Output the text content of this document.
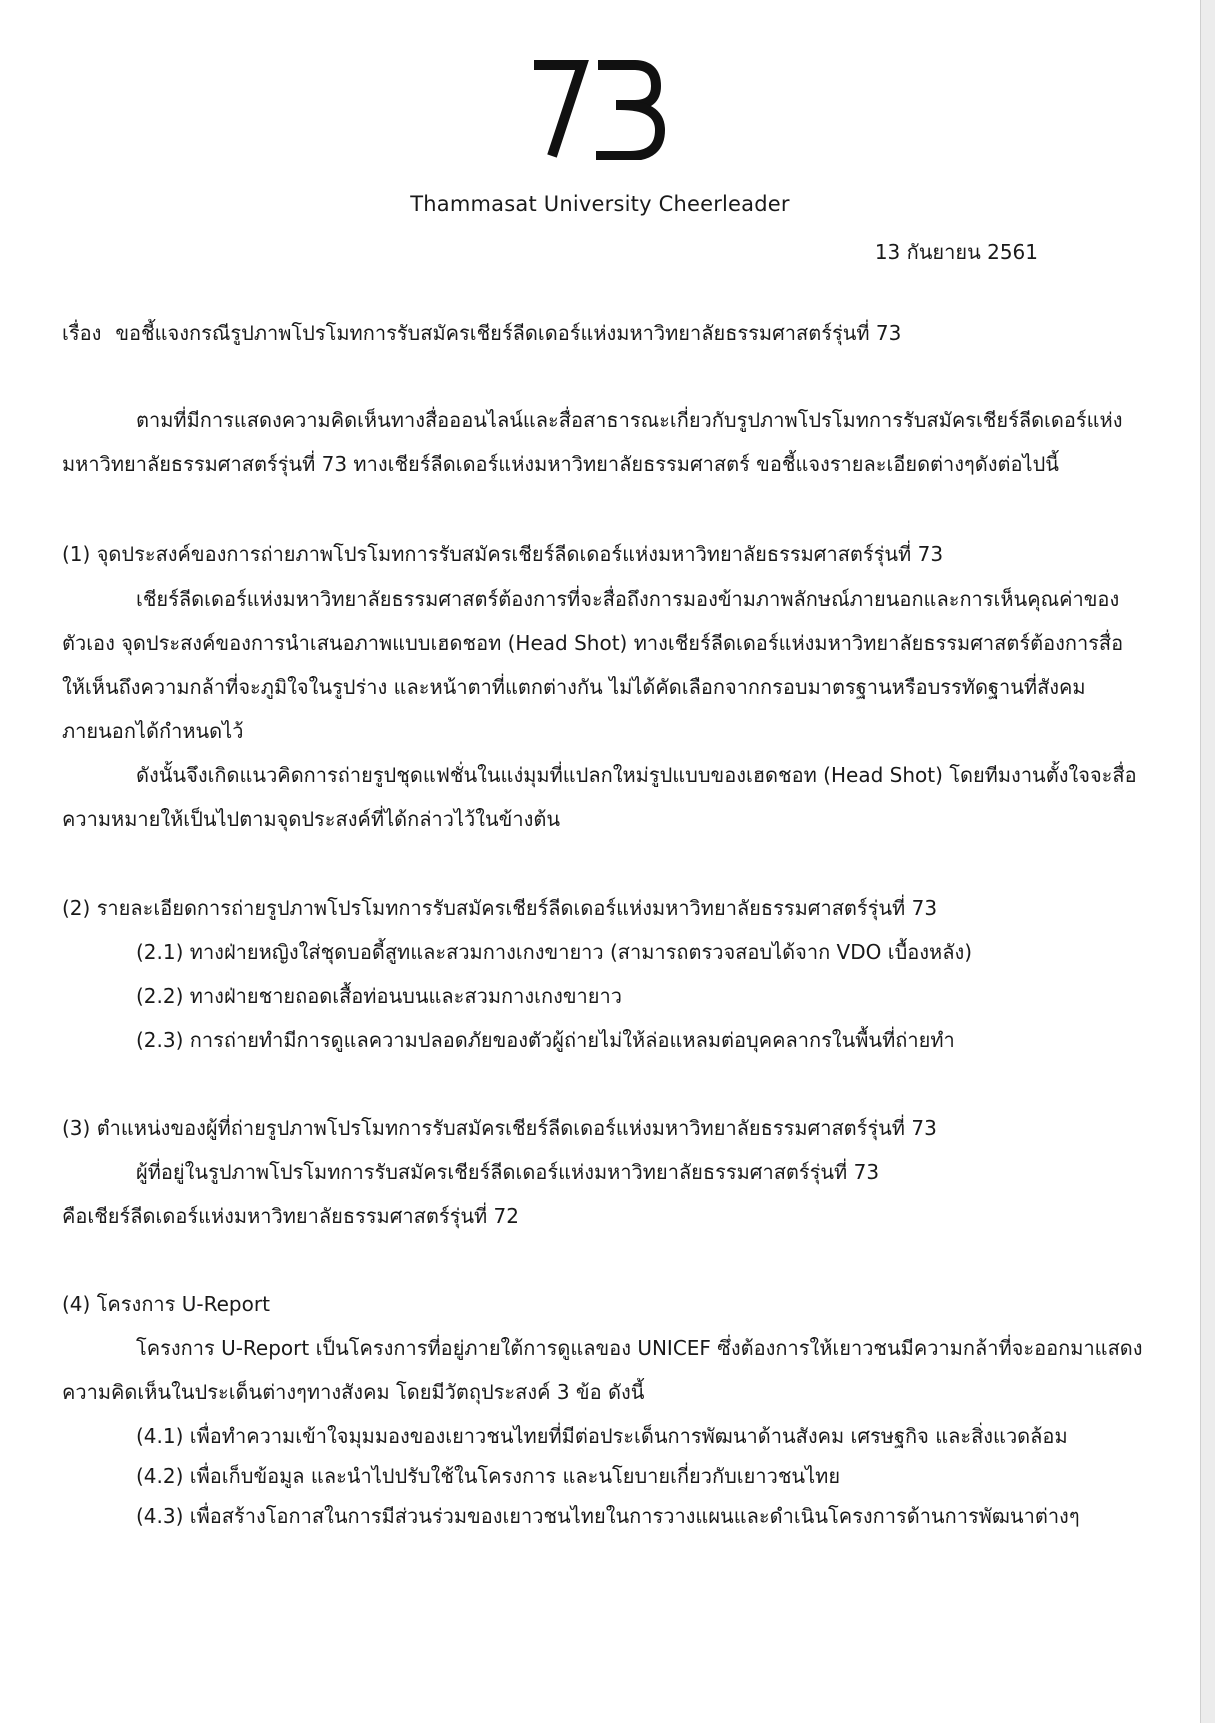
Thammasat University Cheerleader
13 กันยายน 2561
เรื่อง ขอชี้แจงกรณีรูปภาพโปรโมทการรับสมัครเชียร์ลีดเดอร์แห่งมหาวิทยาลัยธรรมศาสตร์รุ่นที่ 73
ตามที่มีการแสดงความคิดเห็นทางสื่อออนไลน์และสื่อสาธารณะเกี่ยวกับรูปภาพโปรโมทการรับสมัครเชียร์ลีดเดอร์แห่ง
มหาวิทยาลัยธรรมศาสตร์รุ่นที่ 73 ทางเชียร์ลีดเดอร์แห่งมหาวิทยาลัยธรรมศาสตร์ ขอชี้แจงรายละเอียดต่างๆดังต่อไปนี้
(1) จุดประสงค์ของการถ่ายภาพโปรโมทการรับสมัครเชียร์ลีดเดอร์แห่งมหาวิทยาลัยธรรมศาสตร์รุ่นที่ 73
เชียร์ลีดเดอร์แห่งมหาวิทยาลัยธรรมศาสตร์ต้องการที่จะสื่อถึงการมองข้ามภาพลักษณ์ภายนอกและการเห็นคุณค่าของ
ตัวเอง จุดประสงค์ของการนำเสนอภาพแบบเฮดชอท (Head Shot) ทางเชียร์ลีดเดอร์แห่งมหาวิทยาลัยธรรมศาสตร์ต้องการสื่อ
ให้เห็นถึงความกล้าที่จะภูมิใจในรูปร่าง และหน้าตาที่แตกต่างกัน ไม่ได้คัดเลือกจากกรอบมาตรฐานหรือบรรทัดฐานที่สังคม
ภายนอกได้กำหนดไว้
ดังนั้นจึงเกิดแนวคิดการถ่ายรูปชุดแฟชั่นในแง่มุมที่แปลกใหม่รูปแบบของเฮดชอท (Head Shot) โดยทีมงานตั้งใจจะสื่อ
ความหมายให้เป็นไปตามจุดประสงค์ที่ได้กล่าวไว้ในข้างต้น
(2) รายละเอียดการถ่ายรูปภาพโปรโมทการรับสมัครเชียร์ลีดเดอร์แห่งมหาวิทยาลัยธรรมศาสตร์รุ่นที่ 73
(2.1) ทางฝ่ายหญิงใส่ชุดบอดี้สูทและสวมกางเกงขายาว (สามารถตรวจสอบได้จาก VDO เบื้องหลัง)
(2.2) ทางฝ่ายชายถอดเสื้อท่อนบนและสวมกางเกงขายาว
(2.3) การถ่ายทำมีการดูแลความปลอดภัยของตัวผู้ถ่ายไม่ให้ล่อแหลมต่อบุคคลากรในพื้นที่ถ่ายทำ
(3) ตำแหน่งของผู้ที่ถ่ายรูปภาพโปรโมทการรับสมัครเชียร์ลีดเดอร์แห่งมหาวิทยาลัยธรรมศาสตร์รุ่นที่ 73
ผู้ที่อยู่ในรูปภาพโปรโมทการรับสมัครเชียร์ลีดเดอร์แห่งมหาวิทยาลัยธรรมศาสตร์รุ่นที่ 73
คือเชียร์ลีดเดอร์แห่งมหาวิทยาลัยธรรมศาสตร์รุ่นที่ 72
(4) โครงการ U-Report
โครงการ U-Report เป็นโครงการที่อยู่ภายใต้การดูแลของ UNICEF ซึ่งต้องการให้เยาวชนมีความกล้าที่จะออกมาแสดง
ความคิดเห็นในประเด็นต่างๆทางสังคม โดยมีวัตถุประสงค์ 3 ข้อ ดังนี้
(4.1) เพื่อทำความเข้าใจมุมมองของเยาวชนไทยที่มีต่อประเด็นการพัฒนาด้านสังคม เศรษฐกิจ และสิ่งแวดล้อม
(4.2) เพื่อเก็บข้อมูล และนำไปปรับใช้ในโครงการ และนโยบายเกี่ยวกับเยาวชนไทย
(4.3) เพื่อสร้างโอกาสในการมีส่วนร่วมของเยาวชนไทยในการวางแผนและดำเนินโครงการด้านการพัฒนาต่างๆ
